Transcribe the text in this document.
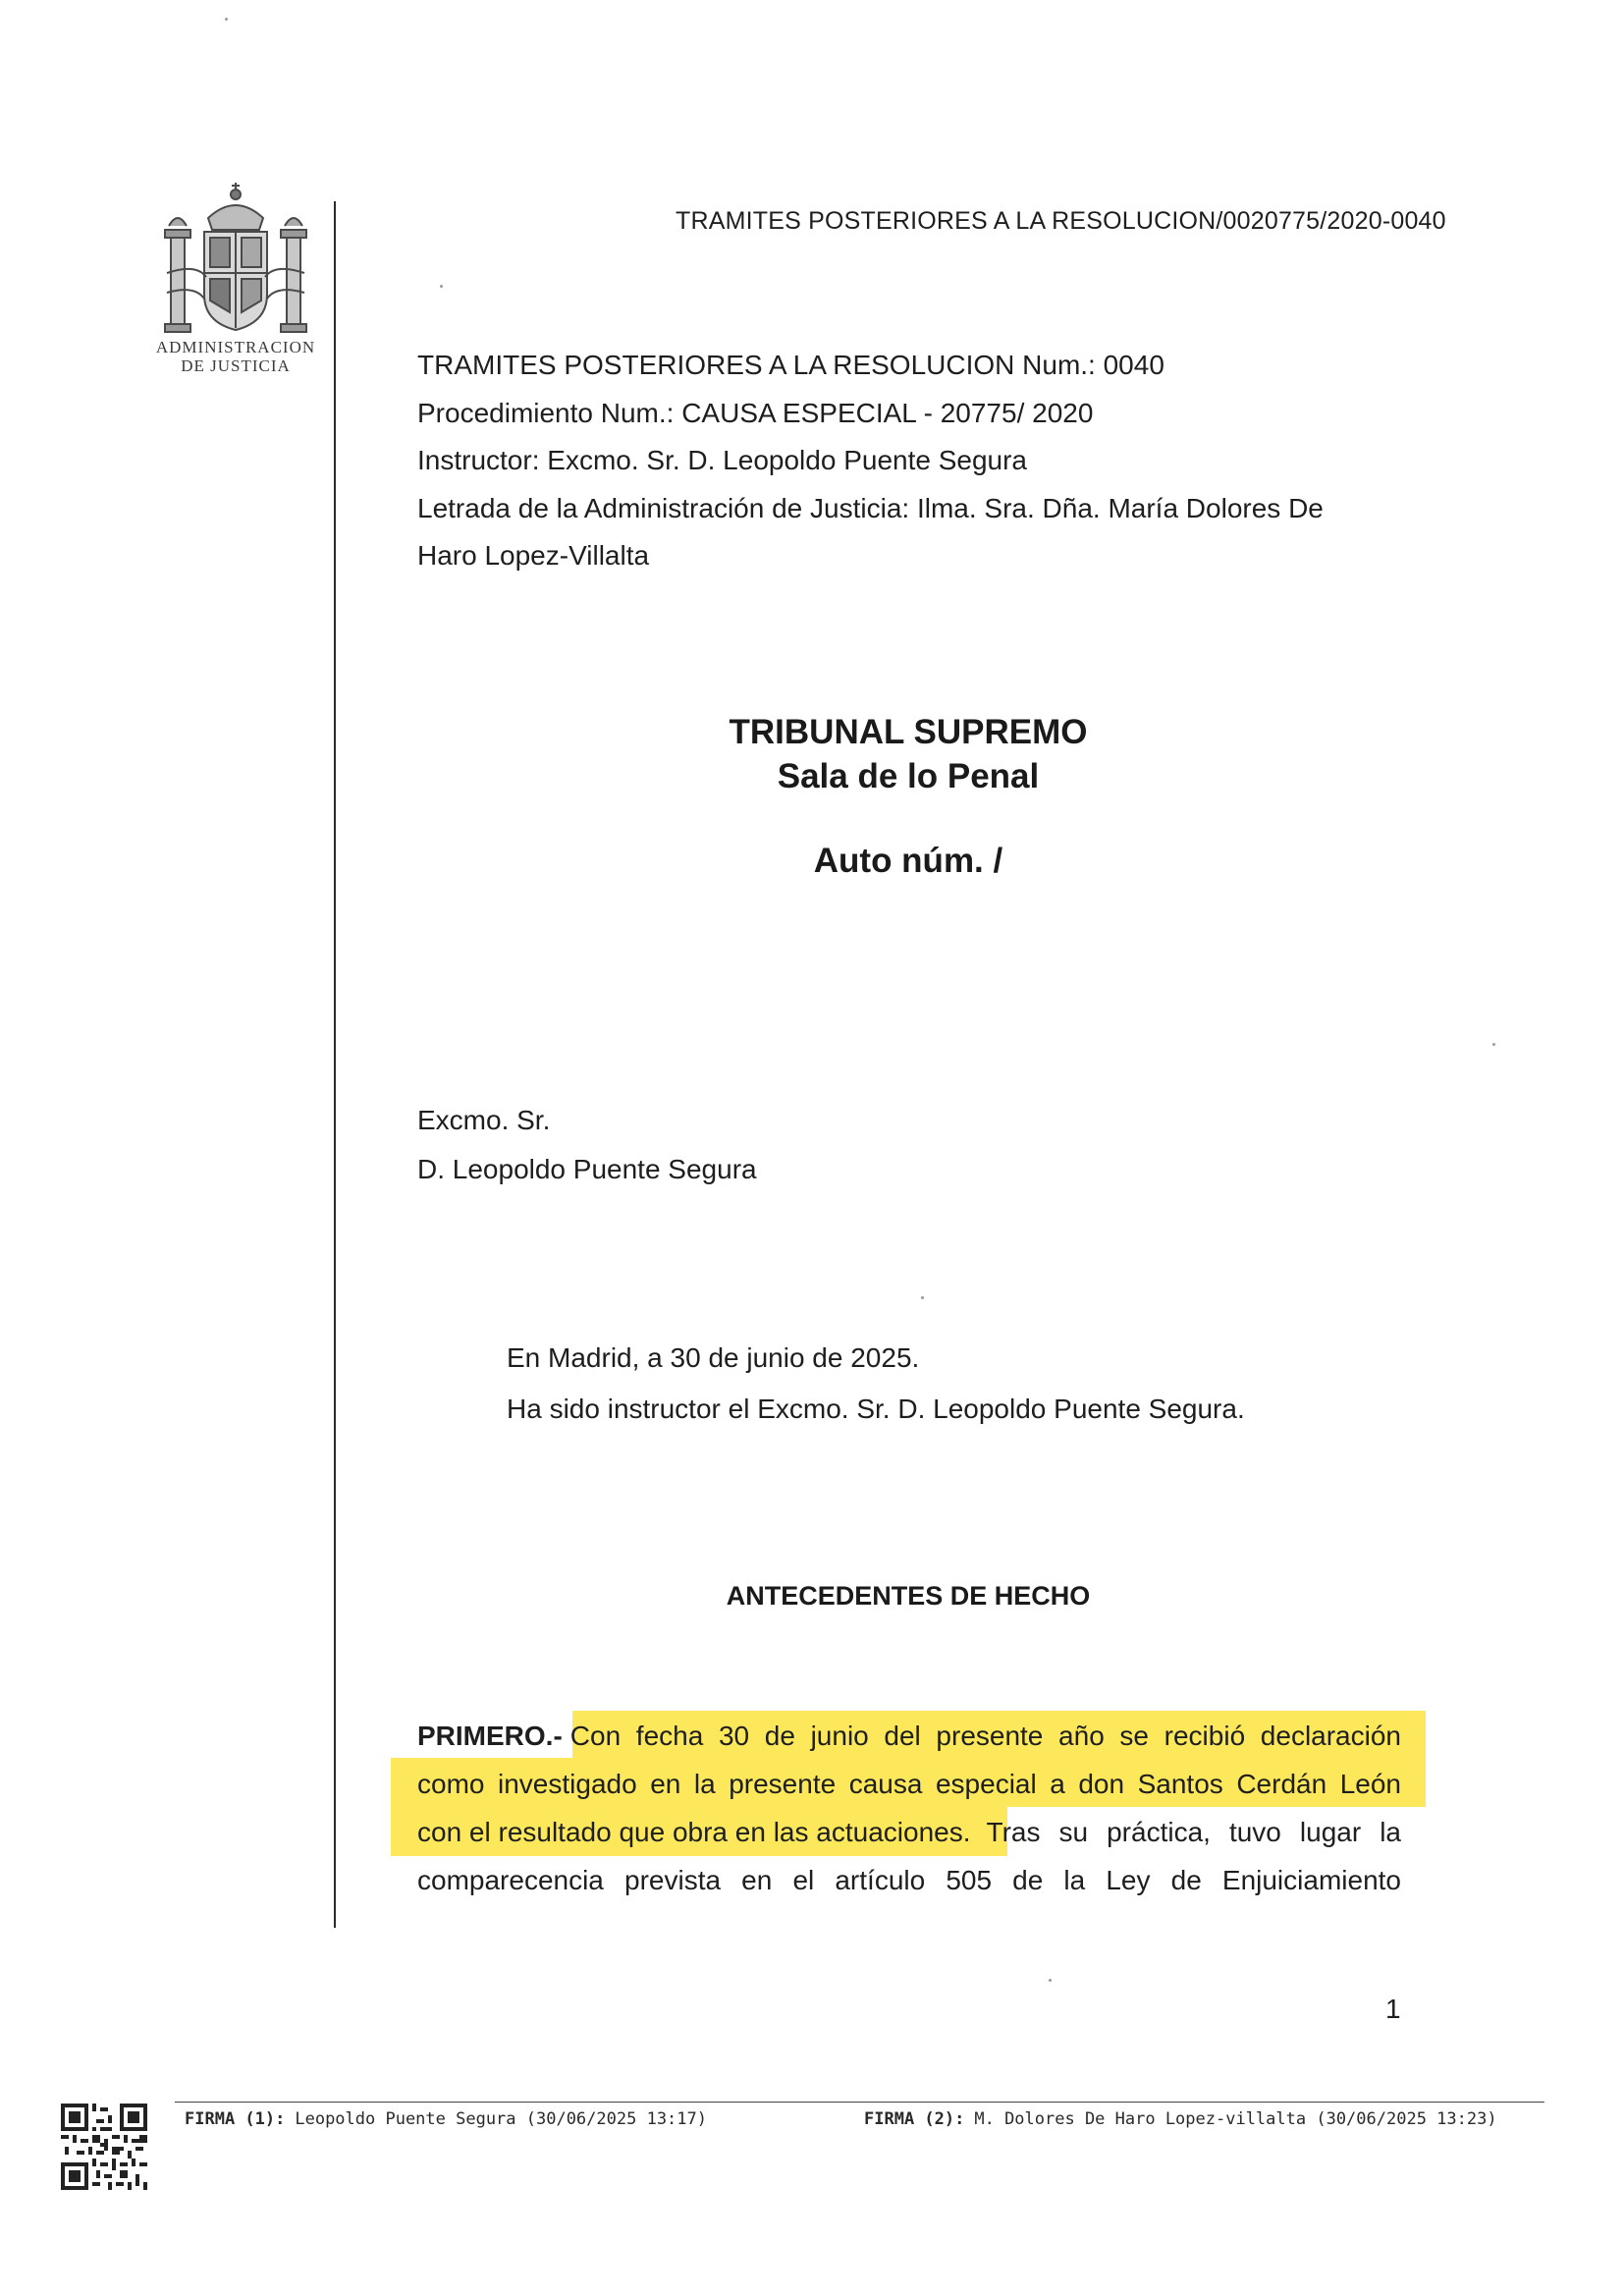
TRAMITES POSTERIORES A LA RESOLUCION/0020775/2020-0040
ADMINISTRACION
DE JUSTICIA	TRAMITES POSTERIORES A LA RESOLUCION Num.: 0040
Procedimiento Num.: CAUSA ESPECIAL - 20775/ 2020
Instructor: Excmo. Sr. D. Leopoldo Puente Segura
Letrada de la Administración de Justicia: Ilma. Sra. Dña. María Dolores De
Haro Lopez-Villalta
TRIBUNAL SUPREMO
Sala de lo Penal
Auto núm. /
Excmo. Sr.
D. Leopoldo Puente Segura
En Madrid, a 30 de junio de 2025.
Ha sido instructor el Excmo. Sr. D. Leopoldo Puente Segura.
ANTECEDENTES DE HECHO
PRIMERO.- Con fecha 30 de junio del presente año se recibió declaración
como investigado en la presente causa especial a don Santos Cerdán León
con el resultado que obra en las actuaciones. Tras su práctica, tuvo lugar la
comparecencia prevista en el artículo 505 de la Ley de Enjuiciamiento
1
FIRMA (1): Leopoldo Puente Segura (30/06/2025 13:17)	FIRMA (2): M. Dolores De Haro Lopez-villalta (30/06/2025 13:23)
